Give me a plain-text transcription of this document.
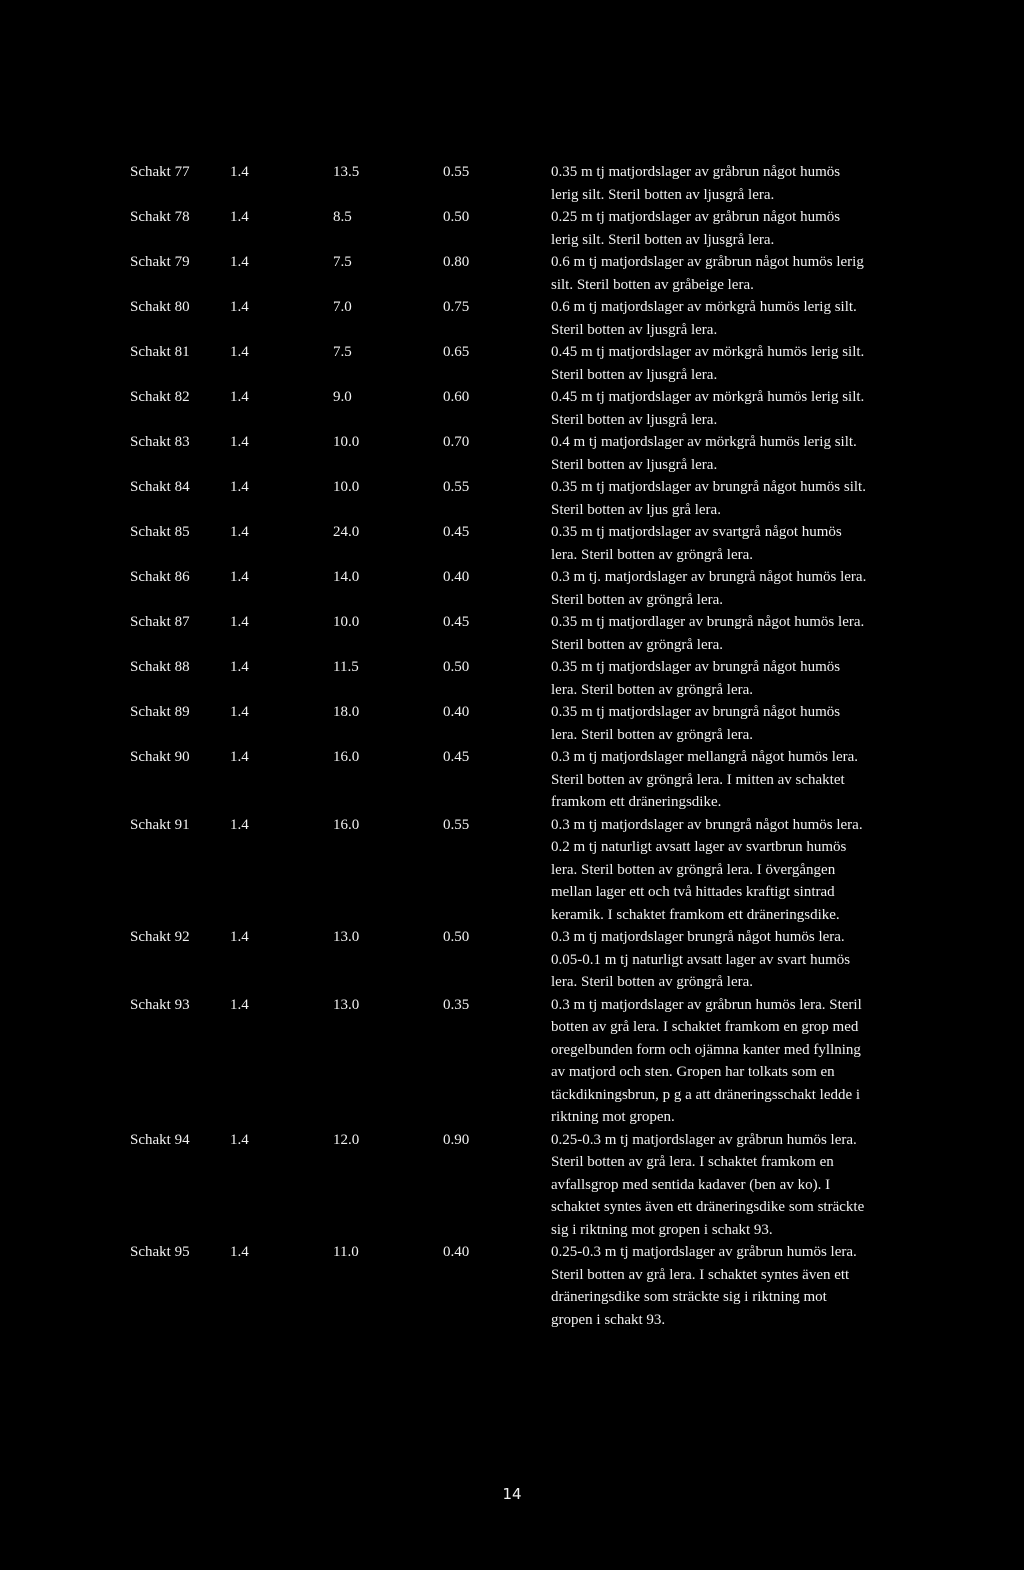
Schakt 77	1.4	13.5	0.55	0.35 m tj matjordslager av gråbrun något humös
lerig silt. Steril botten av ljusgrå lera.
Schakt 78	1.4	8.5	0.50	0.25 m tj matjordslager av gråbrun något humös
lerig silt. Steril botten av ljusgrå lera.
Schakt 79	1.4	7.5	0.80	0.6 m tj matjordslager av gråbrun något humös lerig
silt. Steril botten av gråbeige lera.
Schakt 80	1.4	7.0	0.75	0.6 m tj matjordslager av mörkgrå humös lerig silt.
Steril botten av ljusgrå lera.
Schakt 81	1.4	7.5	0.65	0.45 m tj matjordslager av mörkgrå humös lerig silt.
Steril botten av ljusgrå lera.
Schakt 82	1.4	9.0	0.60	0.45 m tj matjordslager av mörkgrå humös lerig silt.
Steril botten av ljusgrå lera.
Schakt 83	1.4	10.0	0.70	0.4 m tj matjordslager av mörkgrå humös lerig silt.
Steril botten av ljusgrå lera.
Schakt 84	1.4	10.0	0.55	0.35 m tj matjordslager av brungrå något humös silt.
Steril botten av ljus grå lera.
Schakt 85	1.4	24.0	0.45	0.35 m tj matjordslager av svartgrå något humös
lera. Steril botten av gröngrå lera.
Schakt 86	1.4	14.0	0.40	0.3 m tj. matjordslager av brungrå något humös lera.
Steril botten av gröngrå lera.
Schakt 87	1.4	10.0	0.45	0.35 m tj matjordlager av brungrå något humös lera.
Steril botten av gröngrå lera.
Schakt 88	1.4	11.5	0.50	0.35 m tj matjordslager av brungrå något humös
lera. Steril botten av gröngrå lera.
Schakt 89	1.4	18.0	0.40	0.35 m tj matjordslager av brungrå något humös
lera. Steril botten av gröngrå lera.
Schakt 90	1.4	16.0	0.45	0.3 m tj matjordslager mellangrå något humös lera.
Steril botten av gröngrå lera. I mitten av schaktet
framkom ett dräneringsdike.
Schakt 91	1.4	16.0	0.55	0.3 m tj matjordslager av brungrå något humös lera.
0.2 m tj naturligt avsatt lager av svartbrun humös
lera. Steril botten av gröngrå lera. I övergången
mellan lager ett och två hittades kraftigt sintrad
keramik. I schaktet framkom ett dräneringsdike.
Schakt 92	1.4	13.0	0.50	0.3 m tj matjordslager brungrå något humös lera.
0.05-0.1 m tj naturligt avsatt lager av svart humös
lera. Steril botten av gröngrå lera.
Schakt 93	1.4	13.0	0.35	0.3 m tj matjordslager av gråbrun humös lera. Steril
botten av grå lera. I schaktet framkom en grop med
oregelbunden form och ojämna kanter med fyllning
av matjord och sten. Gropen har tolkats som en
täckdikningsbrun, p g a att dräneringsschakt ledde i
riktning mot gropen.
Schakt 94	1.4	12.0	0.90	0.25-0.3 m tj matjordslager av gråbrun humös lera.
Steril botten av grå lera. I schaktet framkom en
avfallsgrop med sentida kadaver (ben av ko). I
schaktet syntes även ett dräneringsdike som sträckte
sig i riktning mot gropen i schakt 93.
Schakt 95	1.4	11.0	0.40	0.25-0.3 m tj matjordslager av gråbrun humös lera.
Steril botten av grå lera. I schaktet syntes även ett
dräneringsdike som sträckte sig i riktning mot
gropen i schakt 93.
14
